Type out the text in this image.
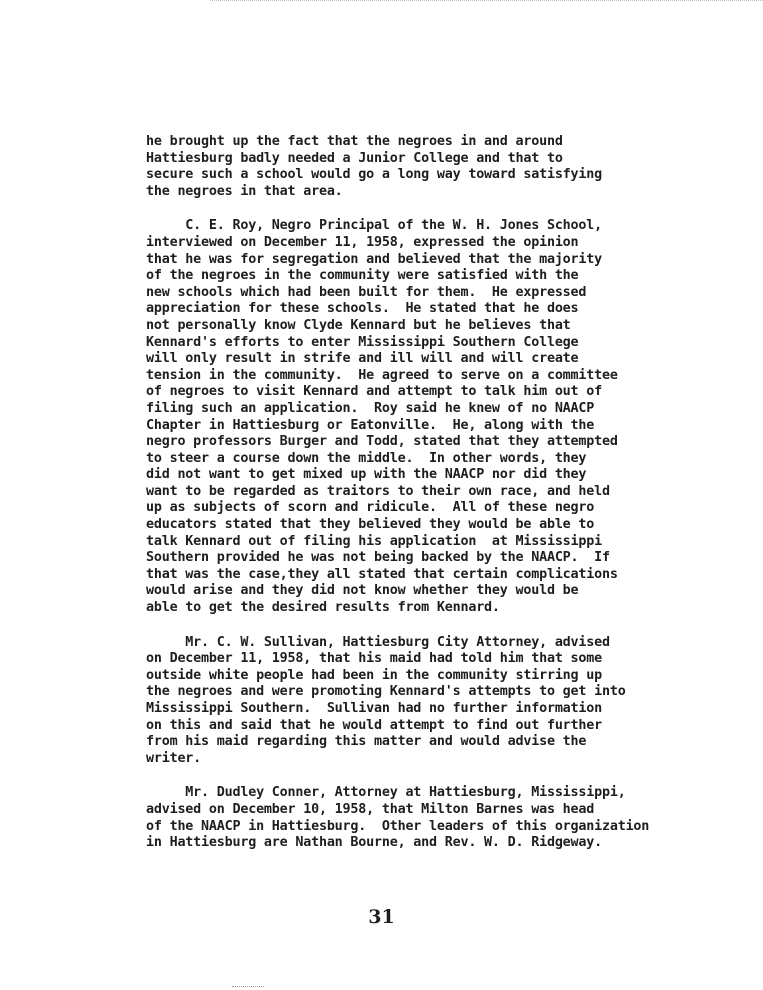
he brought up the fact that the negroes in and around
Hattiesburg badly needed a Junior College and that to
secure such a school would go a long way toward satisfying
the negroes in that area.
C. E. Roy, Negro Principal of the W. H. Jones School,
interviewed on December 11, 1958, expressed the opinion
that he was for segregation and believed that the majority
of the negroes in the community were satisfied with the
new schools which had been built for them.  He expressed
appreciation for these schools.  He stated that he does
not personally know Clyde Kennard but he believes that
Kennard's efforts to enter Mississippi Southern College
will only result in strife and ill will and will create
tension in the community.  He agreed to serve on a committee
of negroes to visit Kennard and attempt to talk him out of
filing such an application.  Roy said he knew of no NAACP
Chapter in Hattiesburg or Eatonville.  He, along with the
negro professors Burger and Todd, stated that they attempted
to steer a course down the middle.  In other words, they
did not want to get mixed up with the NAACP nor did they
want to be regarded as traitors to their own race, and held
up as subjects of scorn and ridicule.  All of these negro
educators stated that they believed they would be able to
talk Kennard out of filing his application  at Mississippi
Southern provided he was not being backed by the NAACP.  If
that was the case,they all stated that certain complications
would arise and they did not know whether they would be
able to get the desired results from Kennard.
Mr. C. W. Sullivan, Hattiesburg City Attorney, advised
on December 11, 1958, that his maid had told him that some
outside white people had been in the community stirring up
the negroes and were promoting Kennard's attempts to get into
Mississippi Southern.  Sullivan had no further information
on this and said that he would attempt to find out further
from his maid regarding this matter and would advise the
writer.
Mr. Dudley Conner, Attorney at Hattiesburg, Mississippi,
advised on December 10, 1958, that Milton Barnes was head
of the NAACP in Hattiesburg.  Other leaders of this organization
in Hattiesburg are Nathan Bourne, and Rev. W. D. Ridgeway.
31
